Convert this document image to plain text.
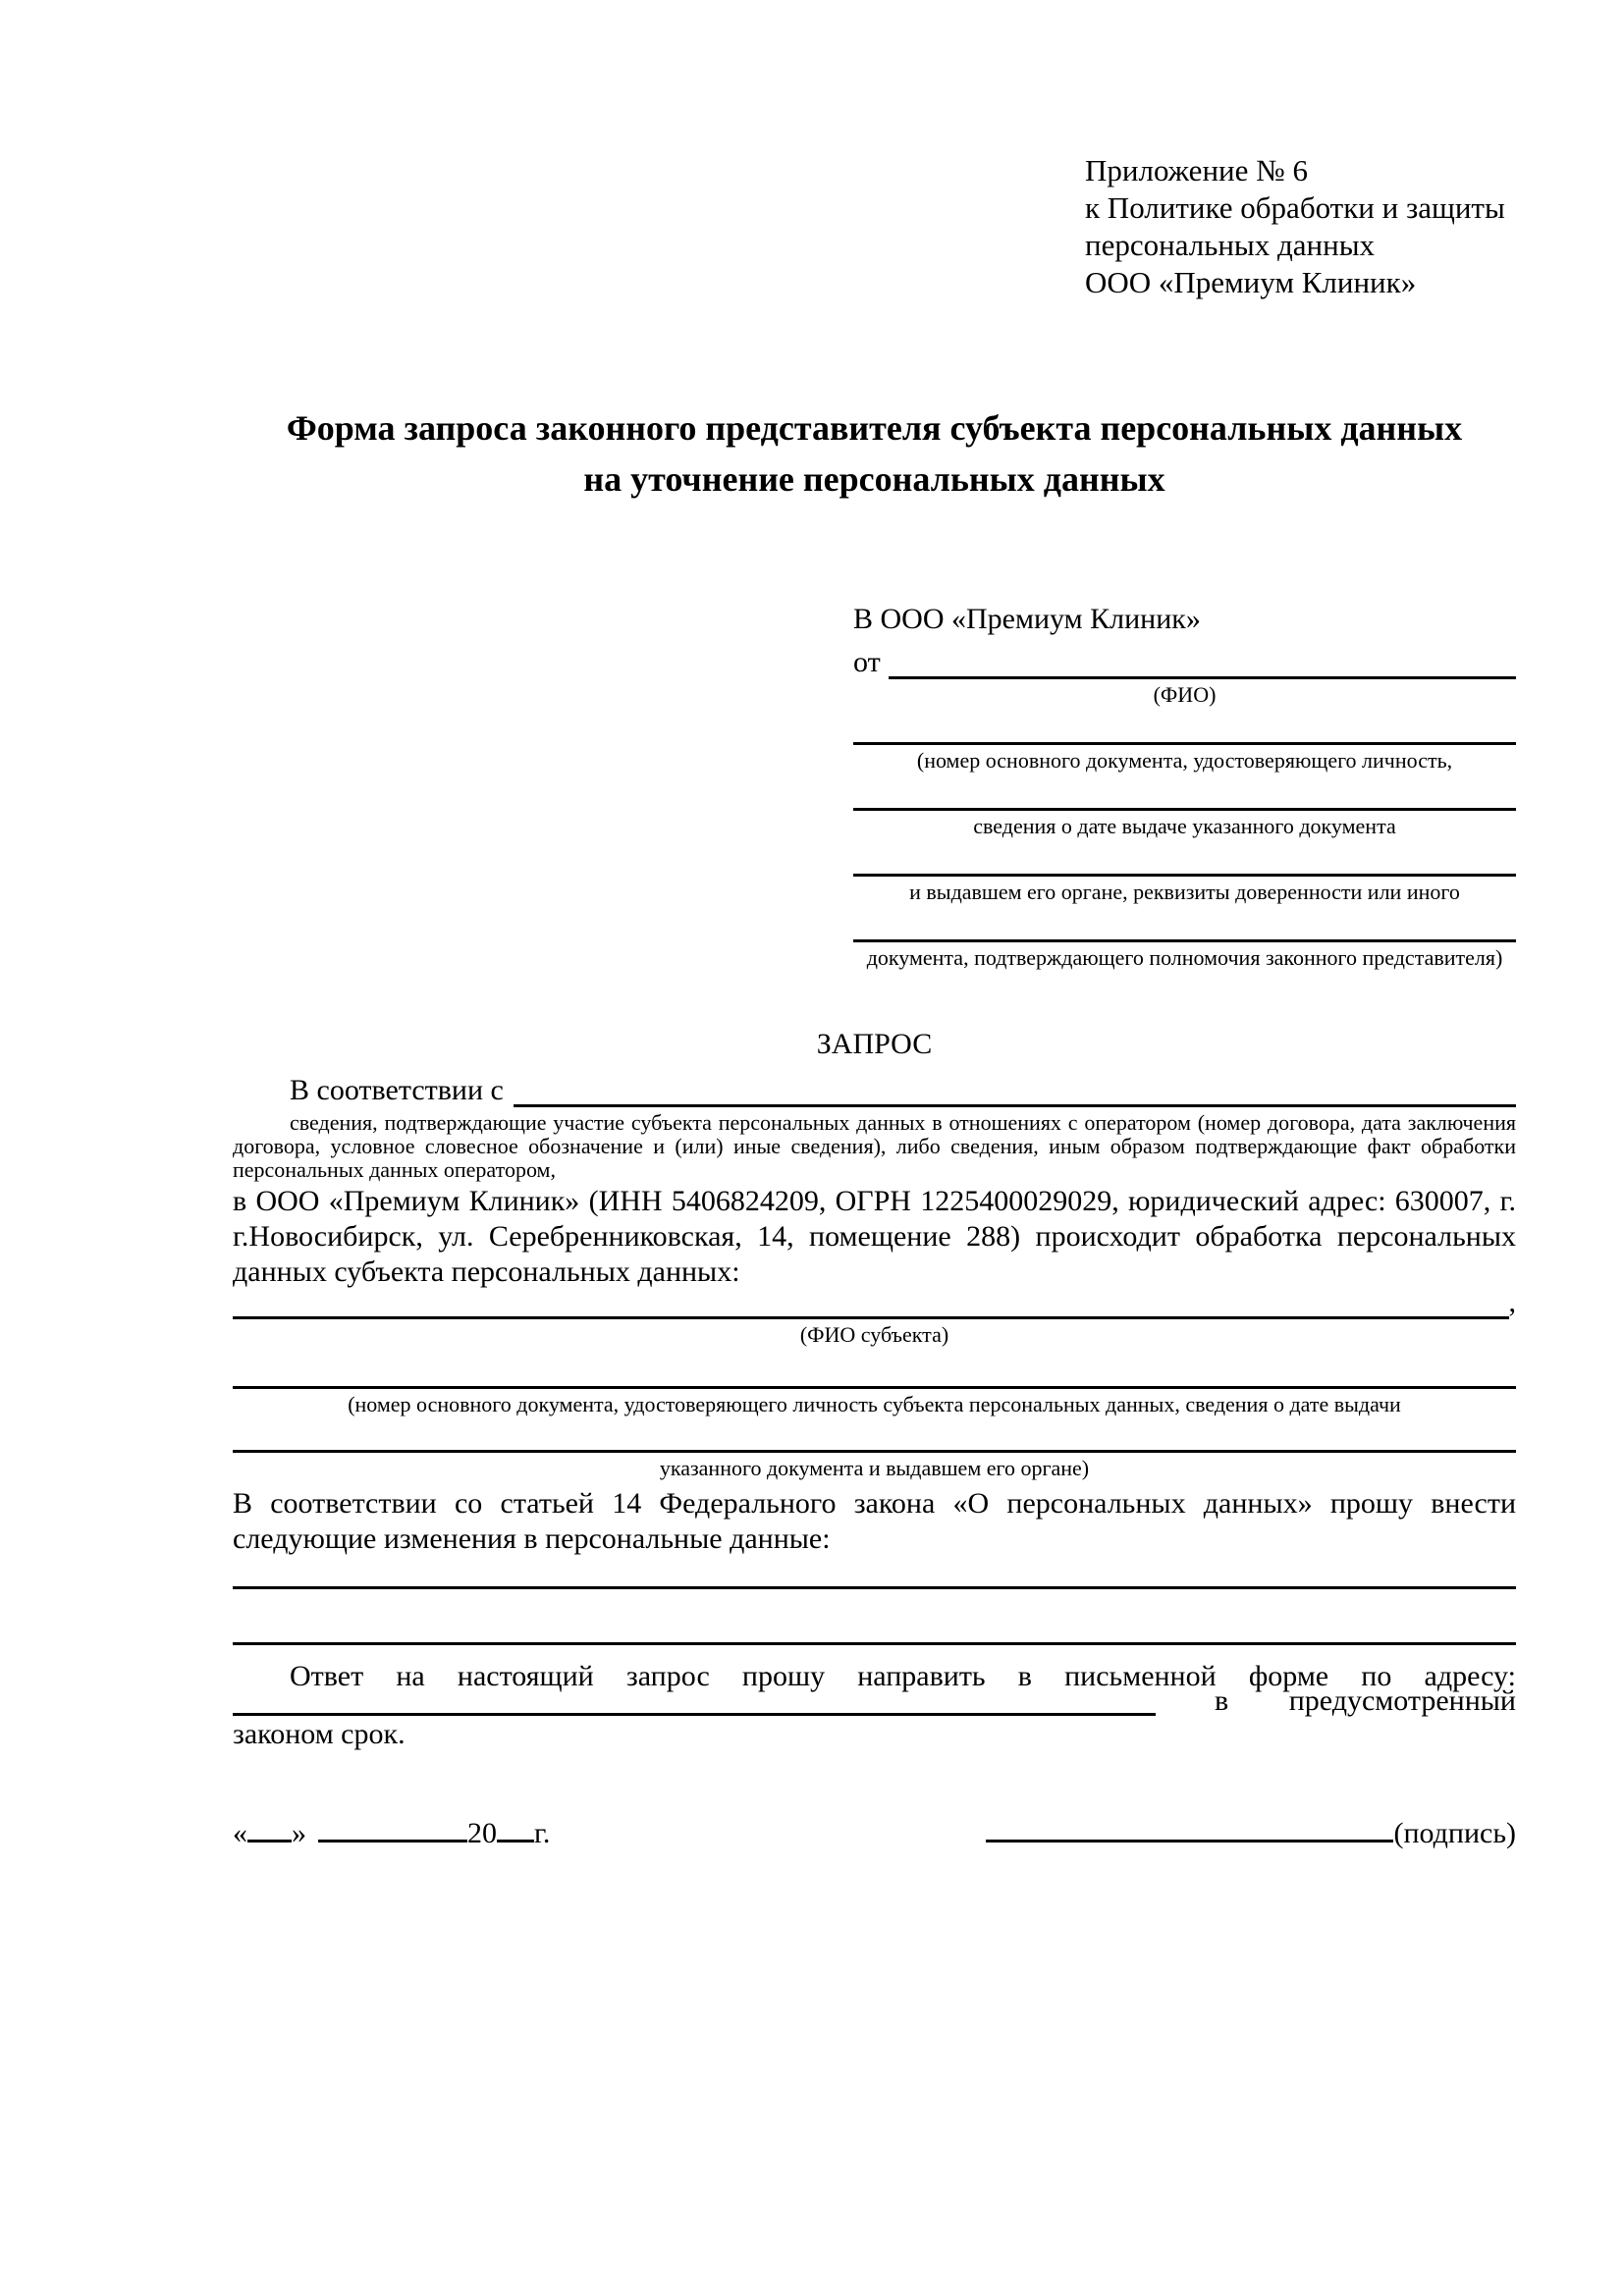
Приложение № 6
к Политике обработки и защиты
персональных данных
ООО «Премиум Клиник»
Форма запроса законного представителя субъекта персональных данных
на уточнение персональных данных
В ООО «Премиум Клиник»
от
(ФИО)
(номер основного документа, удостоверяющего личность,
сведения о дате выдаче указанного документа
и выдавшем его органе, реквизиты доверенности или иного
документа, подтверждающего полномочия законного представителя)
ЗАПРОС
В соответствии с

сведения, подтверждающие участие субъекта персональных данных в отношениях с оператором (номер договора, дата заключения договора, условное словесное обозначение и (или) иные сведения), либо сведения, иным образом подтверждающие факт обработки персональных данных оператором,

в ООО «Премиум Клиник» (ИНН 5406824209, ОГРН 1225400029029, юридический адрес: 630007, г. г.Новосибирск, ул. Серебренниковская, 14, помещение 288) происходит обработка персональных данных субъекта персональных данных:

,
(ФИО субъекта)
(номер основного документа, удостоверяющего личность субъекта персональных данных, сведения о дате выдачи
указанного документа и выдавшем его органе)

В соответствии со статьей 14 Федерального закона «О персональных данных» прошу внести следующие изменения в персональные данные:

Ответ на настоящий запрос прошу направить в письменной форме по адресу:

в предусмотренный

законом срок.

« »	20 г.	(подпись)
